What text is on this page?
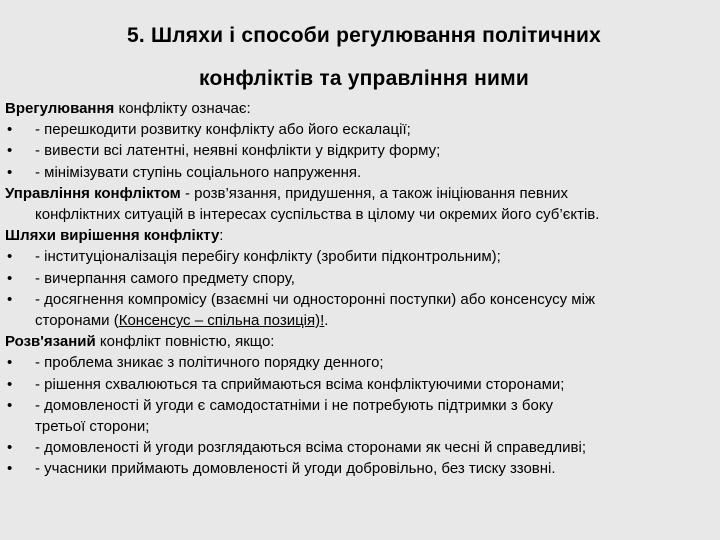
5. Шляхи і способи регулювання політичних
конфліктів та управління ними
Врегулювання конфлікту означає:
• - перешкодити розвитку конфлікту або його ескалації;
• - вивести всі латентні, неявні конфлікти у відкриту форму;
• - мінімізувати ступінь соціального напруження.
Управління конфліктом - розв’язання, придушення, а також ініціювання певних
конфліктних ситуацій в інтересах суспільства в цілому чи окремих його суб’єктів.
Шляхи вирішення конфлікту:
• - інституціоналізація перебігу конфлікту (зробити підконтрольним);
• - вичерпання самого предмету спору,
• - досягнення компромісу (взаємні чи односторонні поступки) або консенсусу між
сторонами (Консенсус – спільна позиція)!.
Розв'язаний конфлікт повністю, якщо:
• - проблема зникає з політичного порядку денного;
• - рішення схвалюються та сприймаються всіма конфліктуючими сторонами;
• - домовленості й угоди є самодостатніми і не потребують підтримки з боку
третьої сторони;
• - домовленості й угоди розглядаються всіма сторонами як чесні й справедливі;
• - учасники приймають домовленості й угоди добровільно, без тиску ззовні.
